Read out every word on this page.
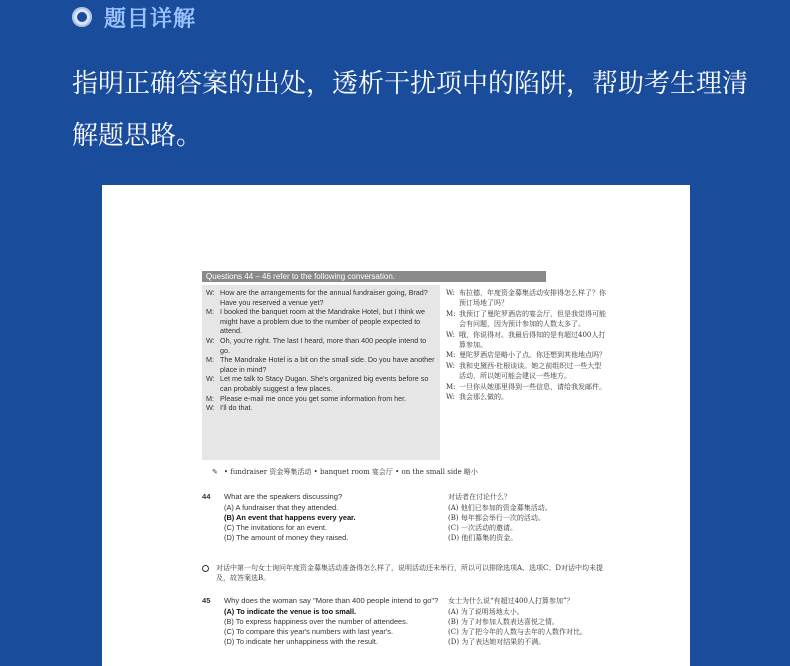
题目详解
指明正确答案的出处，透析干扰项中的陷阱，帮助考生理清解题思路。
Questions 44 – 46 refer to the following conversation.
W: How are the arrangements for the annual fundraiser going, Brad? Have you reserved a venue yet?
M: I booked the banquet room at the Mandrake Hotel, but I think we might have a problem due to the number of people expected to attend.
W: Oh, you're right. The last I heard, more than 400 people intend to go.
M: The Mandrake Hotel is a bit on the small side. Do you have another place in mind?
W: Let me talk to Stacy Dugan. She's organized big events before so can probably suggest a few places.
M: Please e-mail me once you get some information from her.
W: I'll do that.
W: 布拉德，年度资金募集活动安排得怎么样了？你预订场地了吗？
M: 我预订了曼陀罗酒店的宴会厅，但是我觉得可能会有问题，因为预计参加的人数太多了。
W: 哦，你说得对。我最后得知的是有超过400人打算参加。
M: 曼陀罗酒店是略小了点。你还想到其他地点吗？
W: 我和史黛西·杜根谈谈。她之前组织过一些大型活动，所以她可能会建议一些地方。
M: 一旦你从她那里得到一些信息，请给我发邮件。
W: 我会那么做的。
✎ • fundraiser 资金筹集活动 • banquet room 宴会厅 • on the small side 略小
44	What are the speakers discussing?	对话者在讨论什么？
(A) A fundraiser that they attended.	(A) 他们已参加的资金募集活动。
(B) An event that happens every year.	(B) 每年都会举行一次的活动。
(C) The invitations for an event.	(C) 一次活动的邀请。
(D) The amount of money they raised.	(D) 他们募集的资金。
对话中第一句女士询问年度资金募集活动准备得怎么样了，说明活动还未举行，所以可以排除选项A、选项C、D对话中均未提及，故答案选B。
45	Why does the woman say "More than 400 people intend to go"?	女士为什么说“有超过400人打算参加”？
(A) To indicate the venue is too small.	(A) 为了说明场地太小。
(B) To express happiness over the number of attendees.	(B) 为了对参加人数表达喜悦之情。
(C) To compare this year's numbers with last year's.	(C) 为了把今年的人数与去年的人数作对比。
(D) To indicate her unhappiness with the result.	(D) 为了表达她对结果的不满。
